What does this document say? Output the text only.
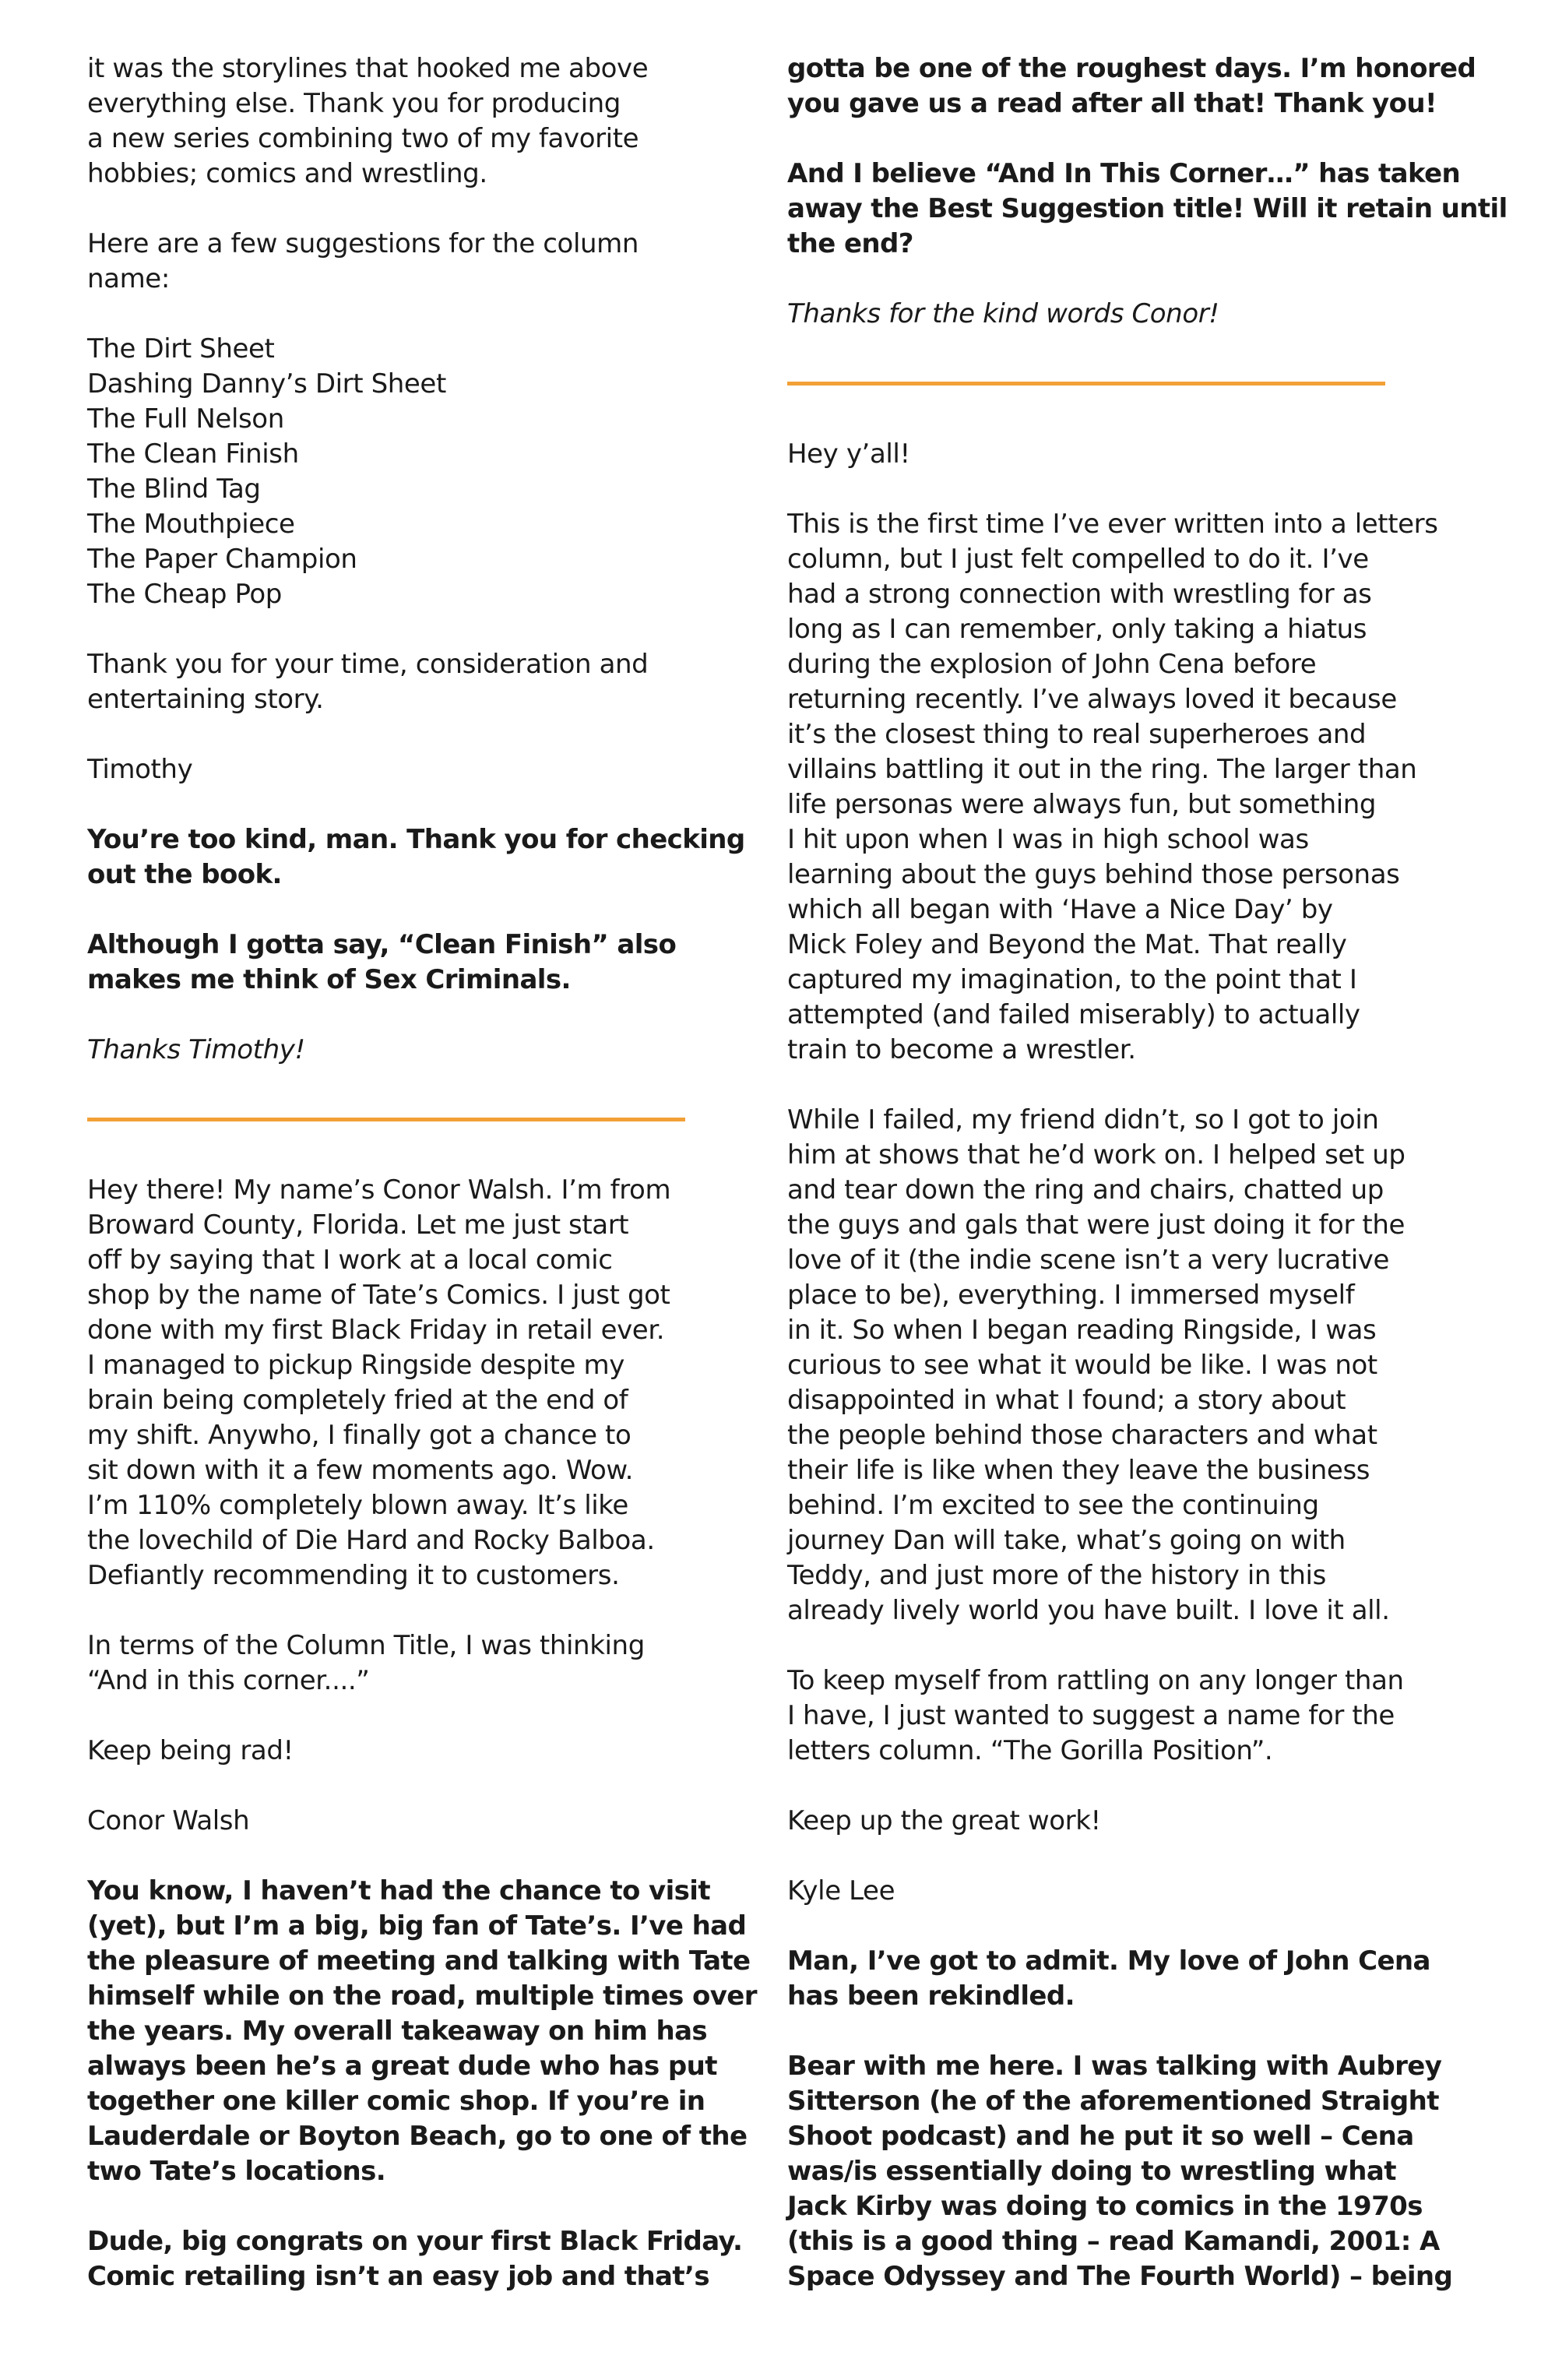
it was the storylines that hooked me above
everything else. Thank you for producing
a new series combining two of my favorite
hobbies; comics and wrestling.
Here are a few suggestions for the column
name:
The Dirt Sheet
Dashing Danny’s Dirt Sheet
The Full Nelson
The Clean Finish
The Blind Tag
The Mouthpiece
The Paper Champion
The Cheap Pop
Thank you for your time, consideration and
entertaining story.
Timothy
You’re too kind, man. Thank you for checking
out the book.
Although I gotta say, “Clean Finish” also
makes me think of Sex Criminals.
Thanks Timothy!
Hey there! My name’s Conor Walsh. I’m from
Broward County, Florida. Let me just start
off by saying that I work at a local comic
shop by the name of Tate’s Comics. I just got
done with my first Black Friday in retail ever.
I managed to pickup Ringside despite my
brain being completely fried at the end of
my shift. Anywho, I finally got a chance to
sit down with it a few moments ago. Wow.
I’m 110% completely blown away. It’s like
the lovechild of Die Hard and Rocky Balboa.
Defiantly recommending it to customers.
In terms of the Column Title, I was thinking
“And in this corner....”
Keep being rad!
Conor Walsh
You know, I haven’t had the chance to visit
(yet), but I’m a big, big fan of Tate’s. I’ve had
the pleasure of meeting and talking with Tate
himself while on the road, multiple times over
the years. My overall takeaway on him has
always been he’s a great dude who has put
together one killer comic shop. If you’re in
Lauderdale or Boyton Beach, go to one of the
two Tate’s locations.
Dude, big congrats on your first Black Friday.
Comic retailing isn’t an easy job and that’s
gotta be one of the roughest days. I’m honored
you gave us a read after all that! Thank you!
And I believe “And In This Corner…” has taken
away the Best Suggestion title! Will it retain until
the end?
Thanks for the kind words Conor!
Hey y’all!
This is the first time I’ve ever written into a letters
column, but I just felt compelled to do it. I’ve
had a strong connection with wrestling for as
long as I can remember, only taking a hiatus
during the explosion of John Cena before
returning recently. I’ve always loved it because
it’s the closest thing to real superheroes and
villains battling it out in the ring. The larger than
life personas were always fun, but something
I hit upon when I was in high school was
learning about the guys behind those personas
which all began with ‘Have a Nice Day’ by
Mick Foley and Beyond the Mat. That really
captured my imagination, to the point that I
attempted (and failed miserably) to actually
train to become a wrestler.
While I failed, my friend didn’t, so I got to join
him at shows that he’d work on. I helped set up
and tear down the ring and chairs, chatted up
the guys and gals that were just doing it for the
love of it (the indie scene isn’t a very lucrative
place to be), everything. I immersed myself
in it. So when I began reading Ringside, I was
curious to see what it would be like. I was not
disappointed in what I found; a story about
the people behind those characters and what
their life is like when they leave the business
behind. I’m excited to see the continuing
journey Dan will take, what’s going on with
Teddy, and just more of the history in this
already lively world you have built. I love it all.
To keep myself from rattling on any longer than
I have, I just wanted to suggest a name for the
letters column. “The Gorilla Position”.
Keep up the great work!
Kyle Lee
Man, I’ve got to admit. My love of John Cena
has been rekindled.
Bear with me here. I was talking with Aubrey
Sitterson (he of the aforementioned Straight
Shoot podcast) and he put it so well – Cena
was/is essentially doing to wrestling what
Jack Kirby was doing to comics in the 1970s
(this is a good thing – read Kamandi, 2001: A
Space Odyssey and The Fourth World) – being
